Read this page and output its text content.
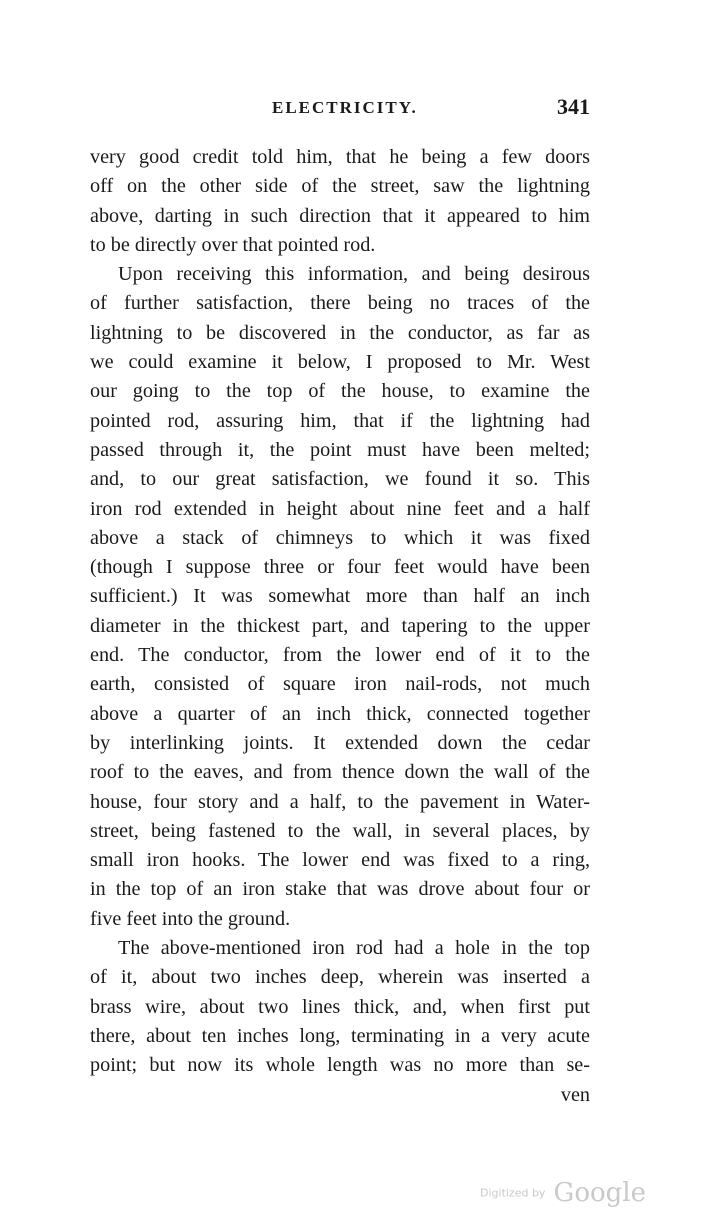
ELECTRICITY.	341
very good credit told him, that he being a few doors
off on the other side of the street, saw the lightning
above, darting in such direction that it appeared to him
to be directly over that pointed rod.
Upon receiving this information, and being desirous
of further satisfaction, there being no traces of the
lightning to be discovered in the conductor, as far as
we could examine it below, I proposed to Mr. West
our going to the top of the house, to examine the
pointed rod, assuring him, that if the lightning had
passed through it, the point must have been melted;
and, to our great satisfaction, we found it so. This
iron rod extended in height about nine feet and a half
above a stack of chimneys to which it was fixed
(though I suppose three or four feet would have been
sufficient.) It was somewhat more than half an inch
diameter in the thickest part, and tapering to the upper
end. The conductor, from the lower end of it to the
earth, consisted of square iron nail-rods, not much
above a quarter of an inch thick, connected together
by interlinking joints. It extended down the cedar
roof to the eaves, and from thence down the wall of the
house, four story and a half, to the pavement in Water-
street, being fastened to the wall, in several places, by
small iron hooks. The lower end was fixed to a ring,
in the top of an iron stake that was drove about four or
five feet into the ground.
The above-mentioned iron rod had a hole in the top
of it, about two inches deep, wherein was inserted a
brass wire, about two lines thick, and, when first put
there, about ten inches long, terminating in a very acute
point; but now its whole length was no more than se-
ven
Digitized by Google
